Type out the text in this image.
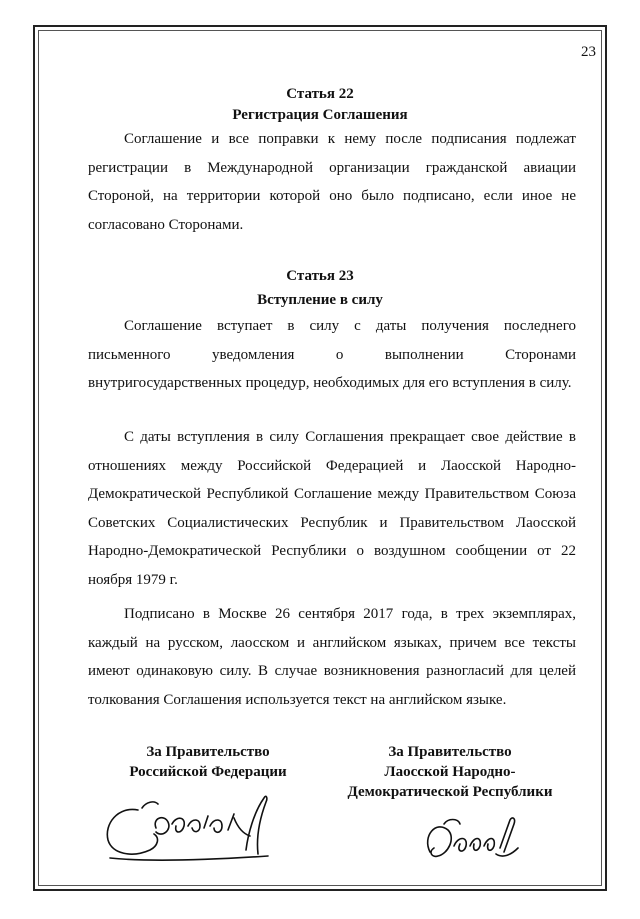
23
Статья 22
Регистрация Соглашения

Соглашение и все поправки к нему после подписания подлежат регистрации в Международной организации гражданской авиации Стороной, на территории которой оно было подписано, если иное не согласовано Сторонами.

Статья 23
Вступление в силу

Соглашение вступает в силу с даты получения последнего письменного уведомления о выполнении Сторонами внутригосударственных процедур, необходимых для его вступления в силу.

С даты вступления в силу Соглашения прекращает свое действие в отношениях между Российской Федерацией и Лаосской Народно-Демократической Республикой Соглашение между Правительством Союза Советских Социалистических Республик и Правительством Лаосской Народно-Демократической Республики о воздушном сообщении от 22 ноября 1979 г.

Подписано в Москве 26 сентября 2017 года, в трех экземплярах, каждый на русском, лаосском и английском языках, причем все тексты имеют одинаковую силу. В случае возникновения разногласий для целей толкования Соглашения используется текст на английском языке.

За Правительство
Российской Федерации
За Правительство
Лаосской Народно-
Демократической Республики
